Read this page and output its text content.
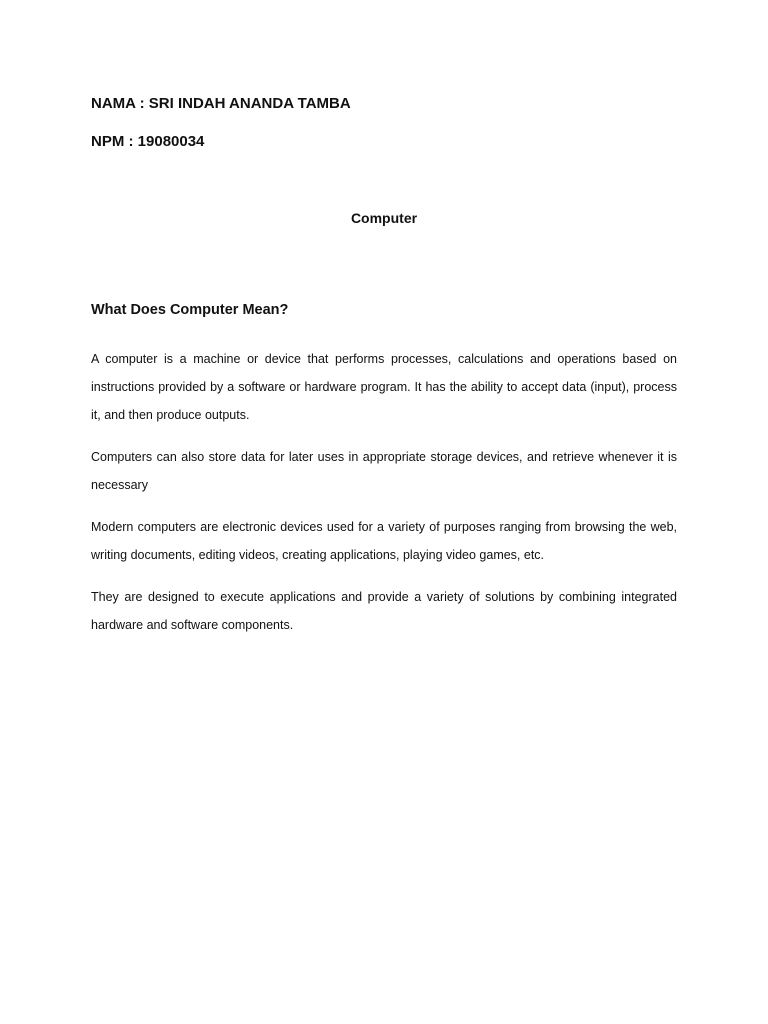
NAMA : SRI INDAH ANANDA TAMBA

NPM : 19080034

Computer
What Does Computer Mean?

A computer is a machine or device that performs processes, calculations and operations based on instructions provided by a software or hardware program. It has the ability to accept data (input), process it, and then produce outputs.

Computers can also store data for later uses in appropriate storage devices, and retrieve whenever it is necessary

Modern computers are electronic devices used for a variety of purposes ranging from browsing the web, writing documents, editing videos, creating applications, playing video games, etc.

They are designed to execute applications and provide a variety of solutions by combining integrated hardware and software components.
